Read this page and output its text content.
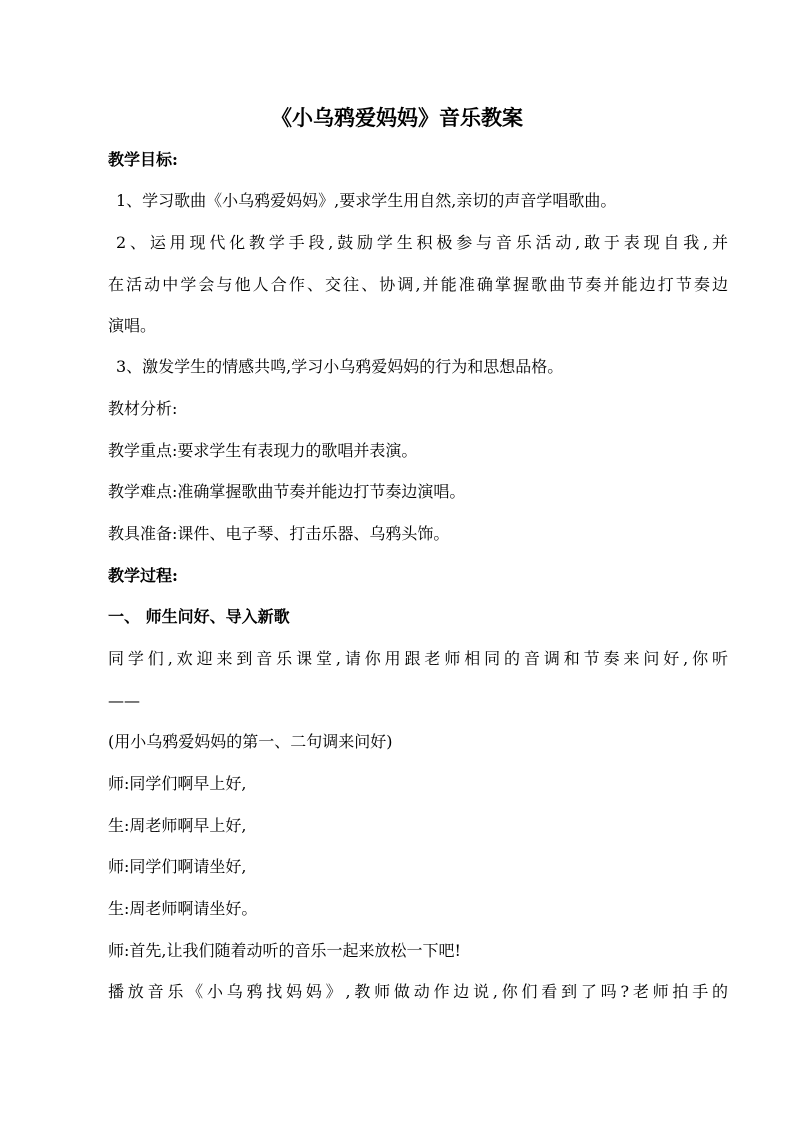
《小乌鸦爱妈妈》音乐教案
教学目标:
1、学习歌曲《小乌鸦爱妈妈》,要求学生用自然,亲切的声音学唱歌曲。
2、运用现代化教学手段,鼓励学生积极参与音乐活动,敢于表现自我,并
在活动中学会与他人合作、交往、协调,并能准确掌握歌曲节奏并能边打节奏边
演唱。
3、激发学生的情感共鸣,学习小乌鸦爱妈妈的行为和思想品格。
教材分析:
教学重点:要求学生有表现力的歌唱并表演。
教学难点:准确掌握歌曲节奏并能边打节奏边演唱。
教具准备:课件、电子琴、打击乐器、乌鸦头饰。
教学过程:
一、 师生问好、导入新歌
同学们,欢迎来到音乐课堂,请你用跟老师相同的音调和节奏来问好,你听
——
(用小乌鸦爱妈妈的第一、二句调来问好)
师:同学们啊早上好,
生:周老师啊早上好,
师:同学们啊请坐好,
生:周老师啊请坐好。
师:首先,让我们随着动听的音乐一起来放松一下吧!
播放音乐《小乌鸦找妈妈》,教师做动作边说,你们看到了吗?老师拍手的
